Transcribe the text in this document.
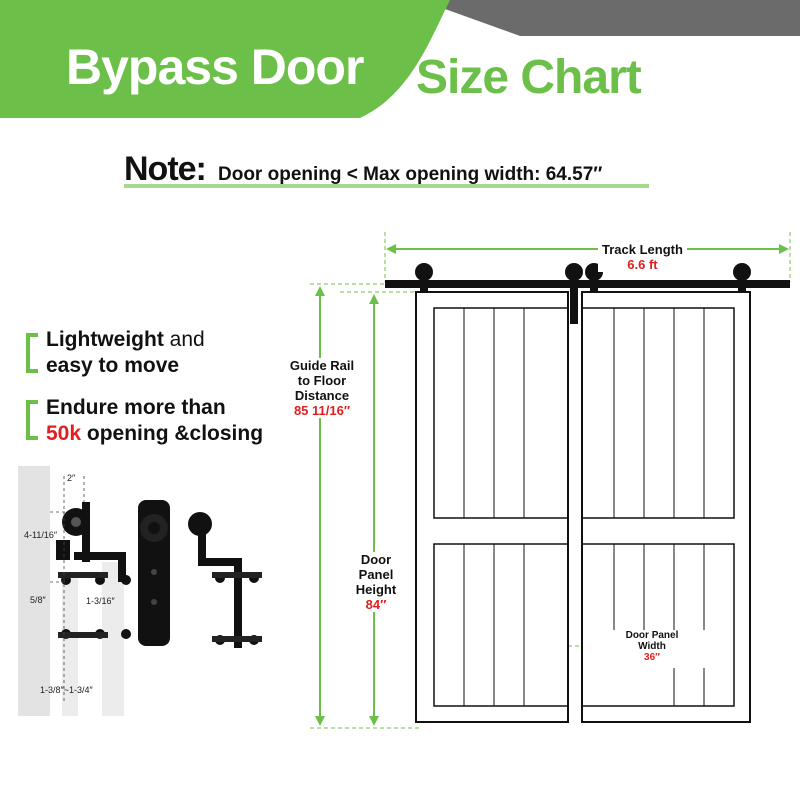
Bypass Door Size Chart
Note: Door opening < Max opening width: 64.57″
Lightweight and
easy to move
Endure more than
50k opening &closing
2″
4-11/16″
5/8″	1-3/16″
1-3/8″~1-3/4″
Track Length
6.6 ft
Guide Rail
to Floor
Distance
85 11/16″
Door
Panel
Height
84″
Door Panel
Width
36″
